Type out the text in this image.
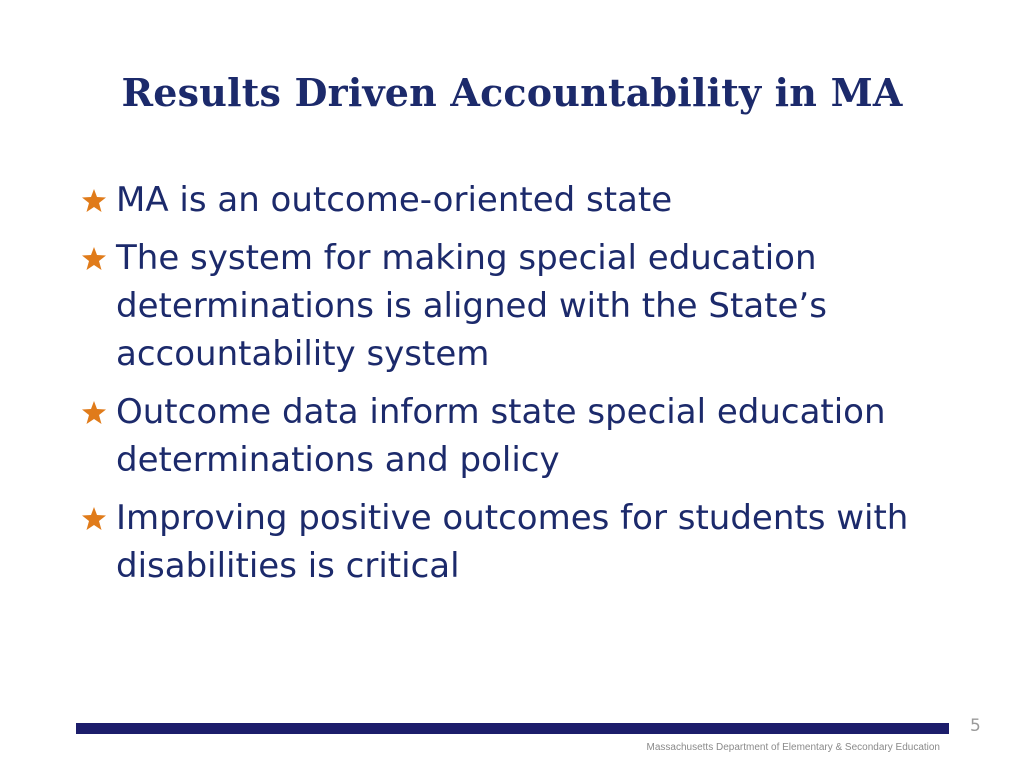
Results Driven Accountability in MA
MA is an outcome-oriented state
The system for making special education determinations is aligned with the State’s accountability system
Outcome data inform state special education determinations and policy
Improving positive outcomes for students with disabilities is critical
5
Massachusetts Department of Elementary & Secondary Education
